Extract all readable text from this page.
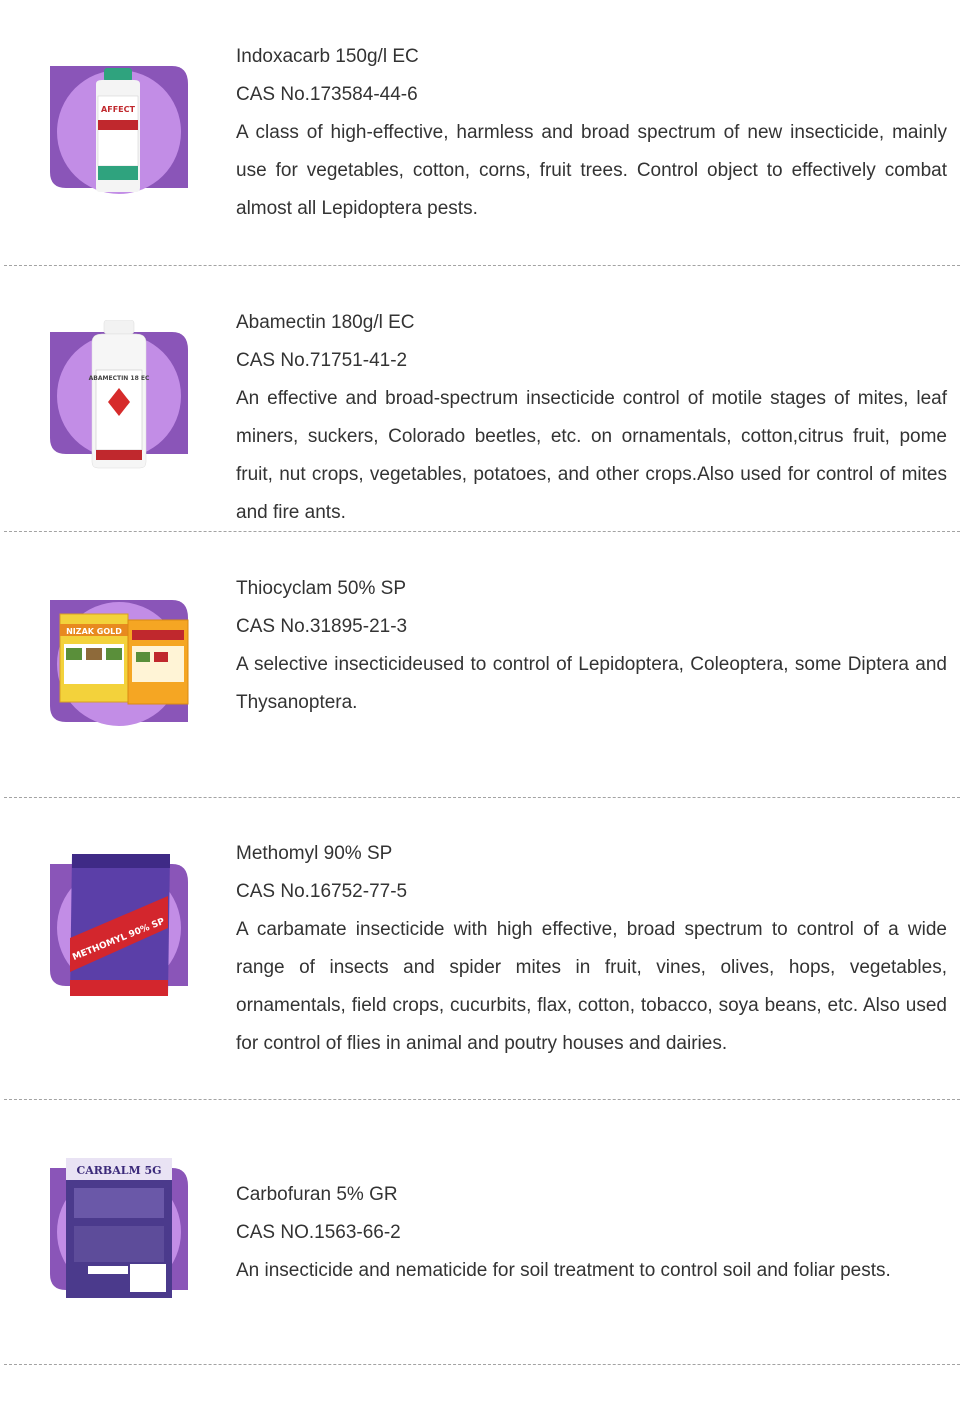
AFFECT

Indoxacarb 150g/l EC

CAS No.173584-44-6

A class of high-effective, harmless and broad spectrum of new insecticide, mainly use for vegetables, cotton, corns, fruit trees. Control object to effectively combat almost all Lepidoptera pests.

ABAMECTIN 18 EC

Abamectin 180g/l EC

CAS No.71751-41-2

An effective and broad-spectrum insecticide control of motile stages of mites, leaf miners, suckers, Colorado beetles, etc. on ornamentals, cotton,citrus fruit, pome fruit, nut crops, vegetables, potatoes, and other crops.Also used for control of mites and fire ants.

NIZAK GOLD

Thiocyclam 50% SP

CAS No.31895-21-3

A selective insecticideused to control of Lepidoptera, Coleoptera, some Diptera and Thysanoptera.

METHOMYL 90% SP

Methomyl 90% SP

CAS No.16752-77-5

A carbamate insecticide with high effective, broad spectrum to control of a wide range of insects and spider mites in fruit, vines, olives, hops, vegetables, ornamentals, field crops, cucurbits, flax, cotton, tobacco, soya beans, etc. Also used for control of flies in animal and poutry houses and dairies.

CARBALM 5G

Carbofuran 5% GR

CAS NO.1563-66-2

An insecticide and nematicide for soil treatment to control soil and foliar pests.
